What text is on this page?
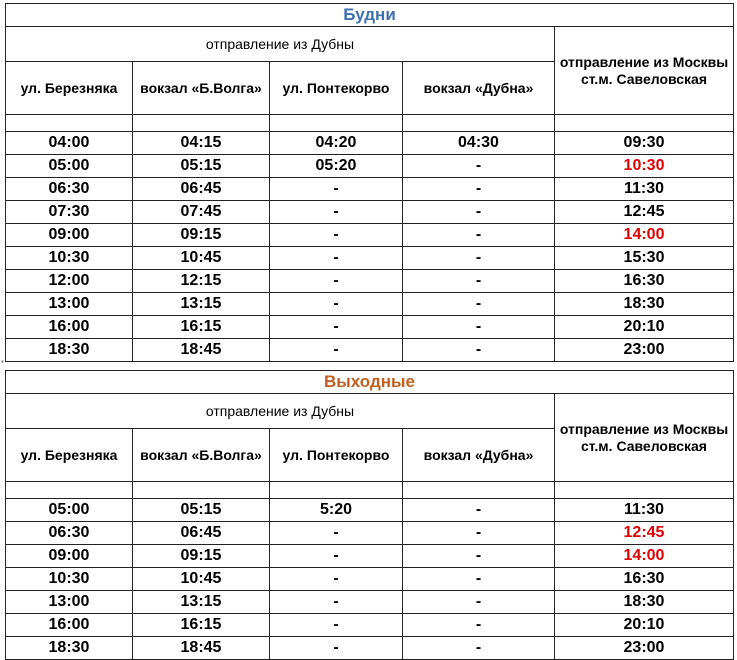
Будни				
отправление из Дубны				отправление из Москвы ст.м. Савеловская
ул. Березняка	вокзал «Б.Волга»	ул. Понтекорво	вокзал «Дубна»	

04:00	04:15	04:20	04:30	09:30
05:00	05:15	05:20	-	10:30
06:30	06:45	-	-	11:30
07:30	07:45	-	-	12:45
09:00	09:15	-	-	14:00
10:30	10:45	-	-	15:30
12:00	12:15	-	-	16:30
13:00	13:15	-	-	18:30
16:00	16:15	-	-	20:10
18:30	18:45	-	-	23:00
▪
Выходные				
отправление из Дубны				отправление из Москвы ст.м. Савеловская
ул. Березняка	вокзал «Б.Волга»	ул. Понтекорво	вокзал «Дубна»	

05:00	05:15	5:20	-	11:30
06:30	06:45	-	-	12:45
09:00	09:15	-	-	14:00
10:30	10:45	-	-	16:30
13:00	13:15	-	-	18:30
16:00	16:15	-	-	20:10
18:30	18:45	-	-	23:00
